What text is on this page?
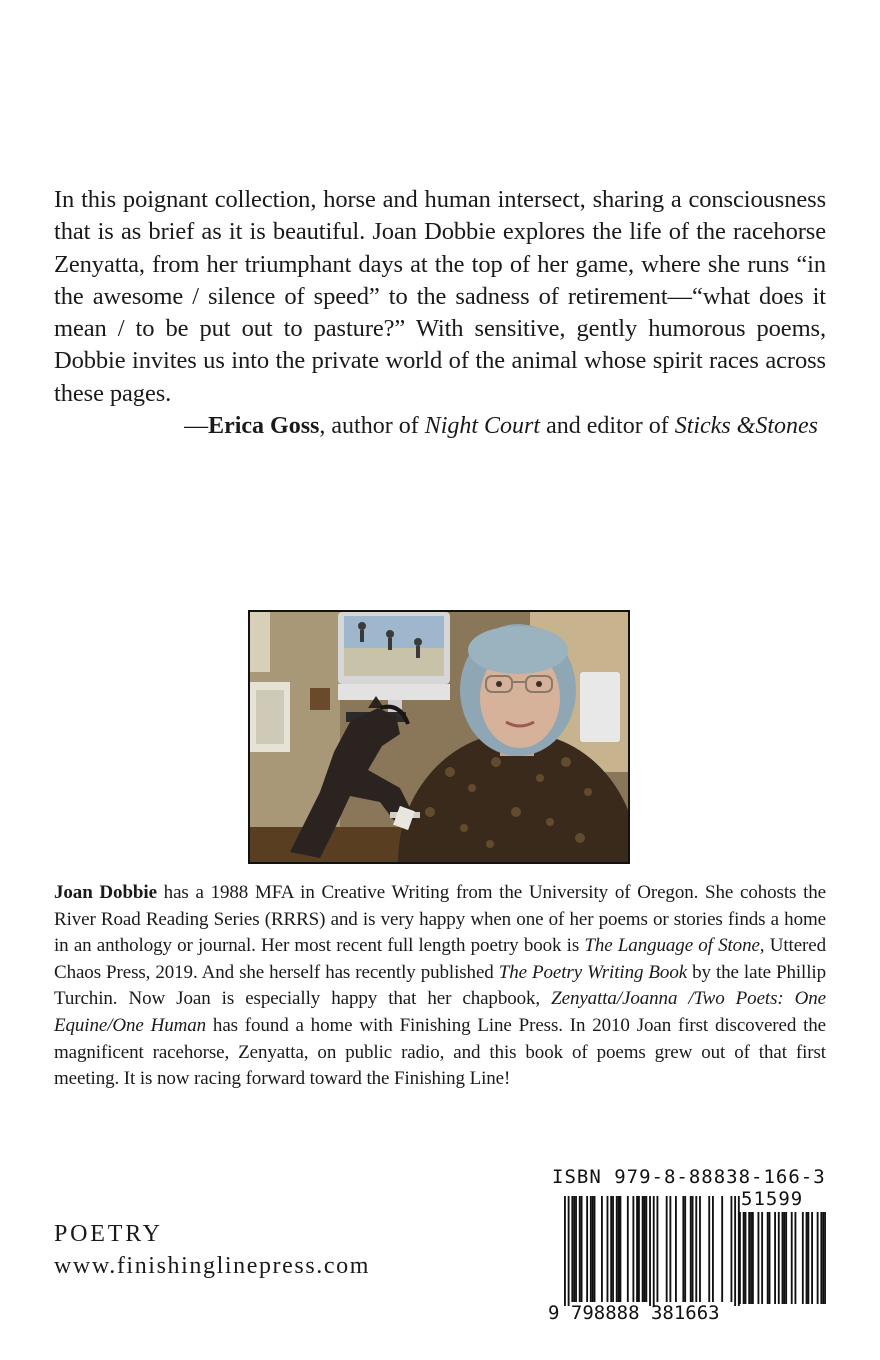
In this poignant collection, horse and human intersect, sharing a consciousness that is as brief as it is beautiful. Joan Dobbie explores the life of the racehorse Zenyatta, from her triumphant days at the top of her game, where she runs “in the awesome / silence of speed” to the sadness of retirement—“what does it mean / to be put out to pasture?” With sensitive, gently humorous poems, Dobbie invites us into the private world of the animal whose spirit races across these pages.

—Erica Goss, author of Night Court and editor of Sticks &Stones

Joan Dobbie has a 1988 MFA in Creative Writing from the University of Oregon. She cohosts the River Road Reading Series (RRRS) and is very happy when one of her poems or stories finds a home in an anthology or journal. Her most recent full length poetry book is The Language of Stone, Uttered Chaos Press, 2019. And she herself has recently published The Poetry Writing Book by the late Phillip Turchin. Now Joan is especially happy that her chapbook, Zenyatta/Joanna /Two Poets: One Equine/One Human has found a home with Finishing Line Press. In 2010 Joan first discovered the magnificent racehorse, Zenyatta, on public radio, and this book of poems grew out of that first meeting. It is now racing forward toward the Finishing Line!

POETRY
www.finishinglinepress.com
ISBN 979-8-88838-166-3
51599
9 798888 381663
